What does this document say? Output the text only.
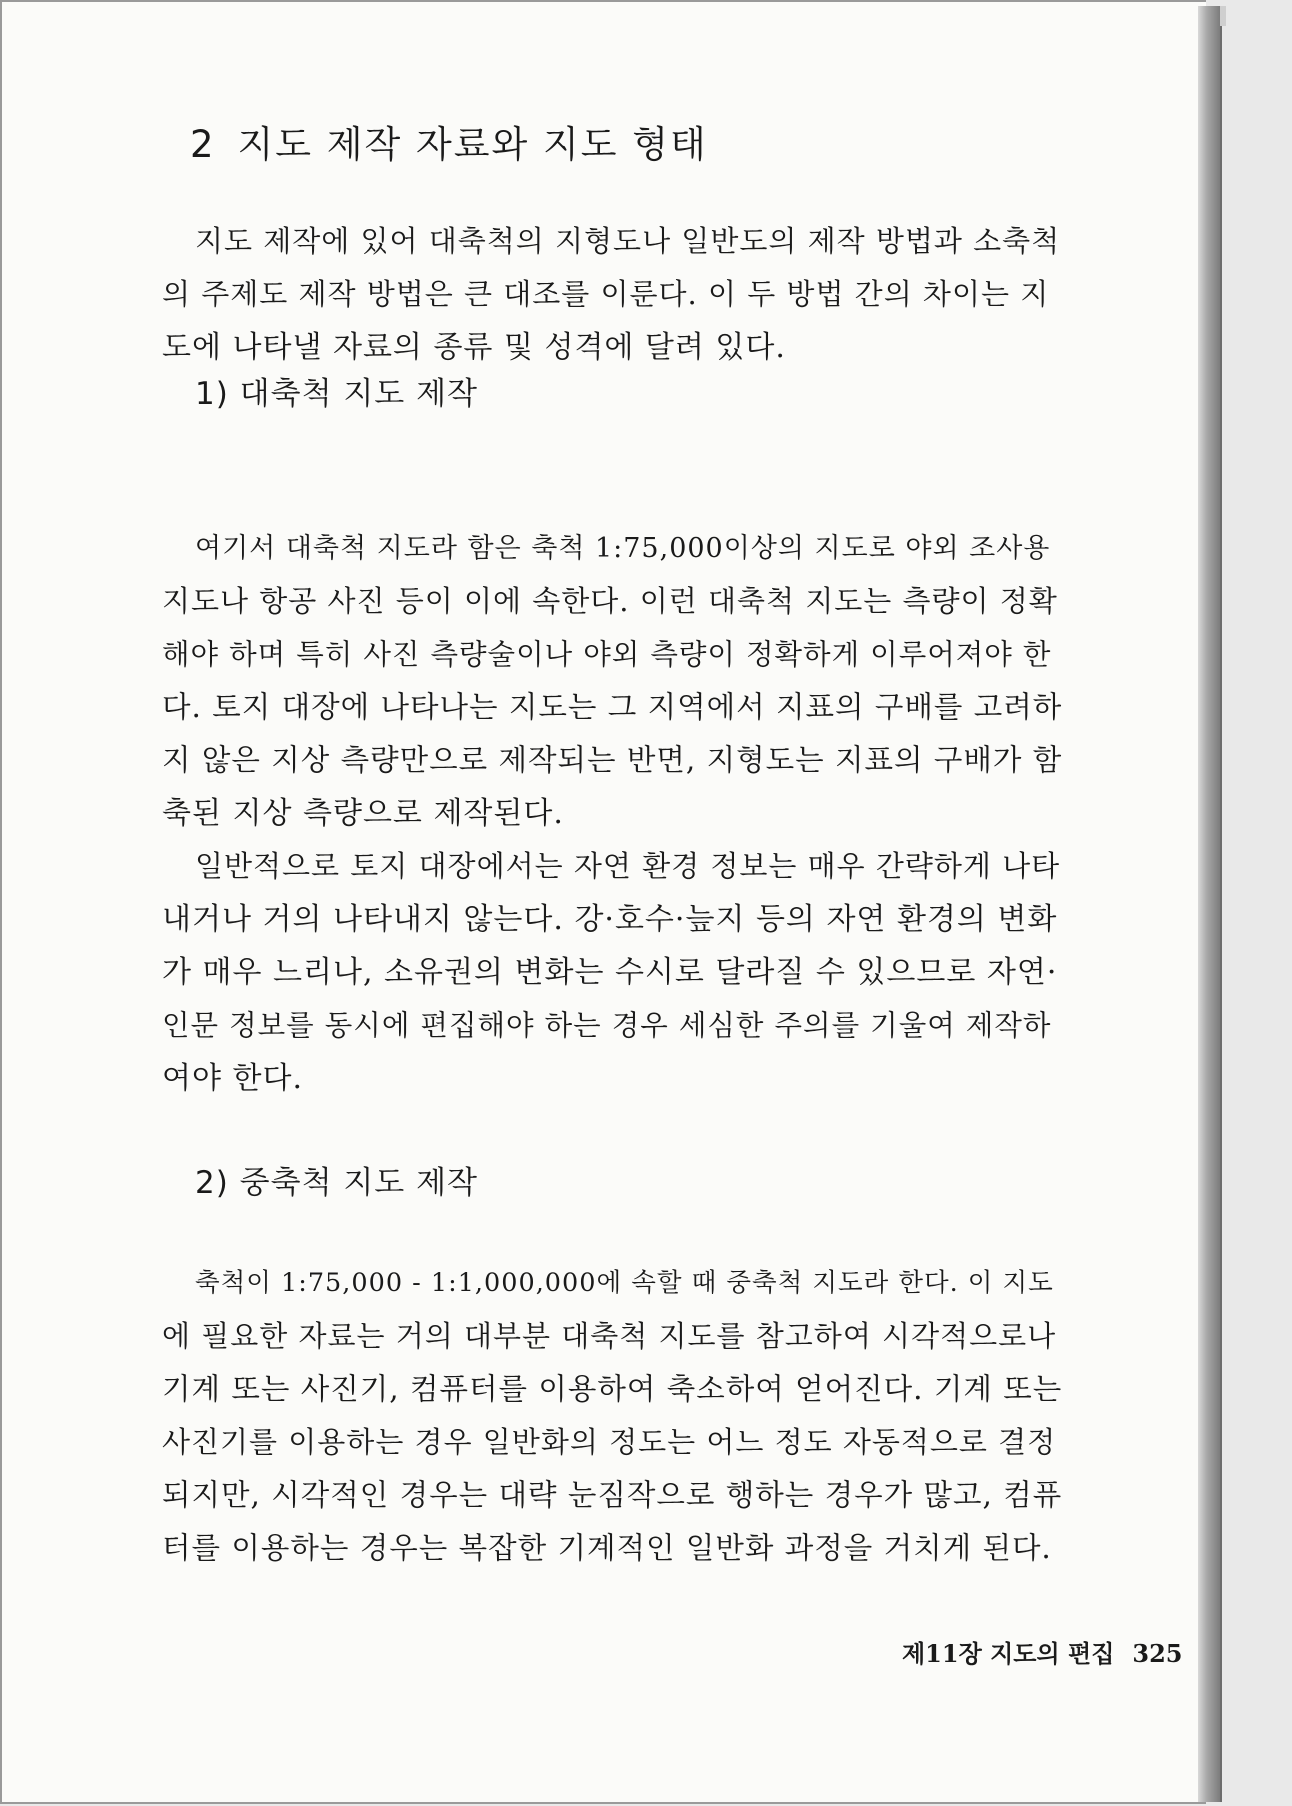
2 지도 제작 자료와 지도 형태
지도 제작에 있어 대축척의 지형도나 일반도의 제작 방법과 소축척
의 주제도 제작 방법은 큰 대조를 이룬다. 이 두 방법 간의 차이는 지
도에 나타낼 자료의 종류 및 성격에 달려 있다.
1) 대축척 지도 제작
여기서 대축척 지도라 함은 축척 1:75,000이상의 지도로 야외 조사용
지도나 항공 사진 등이 이에 속한다. 이런 대축척 지도는 측량이 정확
해야 하며 특히 사진 측량술이나 야외 측량이 정확하게 이루어져야 한
다. 토지 대장에 나타나는 지도는 그 지역에서 지표의 구배를 고려하
지 않은 지상 측량만으로 제작되는 반면, 지형도는 지표의 구배가 함
축된 지상 측량으로 제작된다.
일반적으로 토지 대장에서는 자연 환경 정보는 매우 간략하게 나타
내거나 거의 나타내지 않는다. 강·호수·늪지 등의 자연 환경의 변화
가 매우 느리나, 소유권의 변화는 수시로 달라질 수 있으므로 자연·
인문 정보를 동시에 편집해야 하는 경우 세심한 주의를 기울여 제작하
여야 한다.
2) 중축척 지도 제작
축척이 1:75,000 - 1:1,000,000에 속할 때 중축척 지도라 한다. 이 지도
에 필요한 자료는 거의 대부분 대축척 지도를 참고하여 시각적으로나
기계 또는 사진기, 컴퓨터를 이용하여 축소하여 얻어진다. 기계 또는
사진기를 이용하는 경우 일반화의 정도는 어느 정도 자동적으로 결정
되지만, 시각적인 경우는 대략 눈짐작으로 행하는 경우가 많고, 컴퓨
터를 이용하는 경우는 복잡한 기계적인 일반화 과정을 거치게 된다.
제11장 지도의 편집 325
